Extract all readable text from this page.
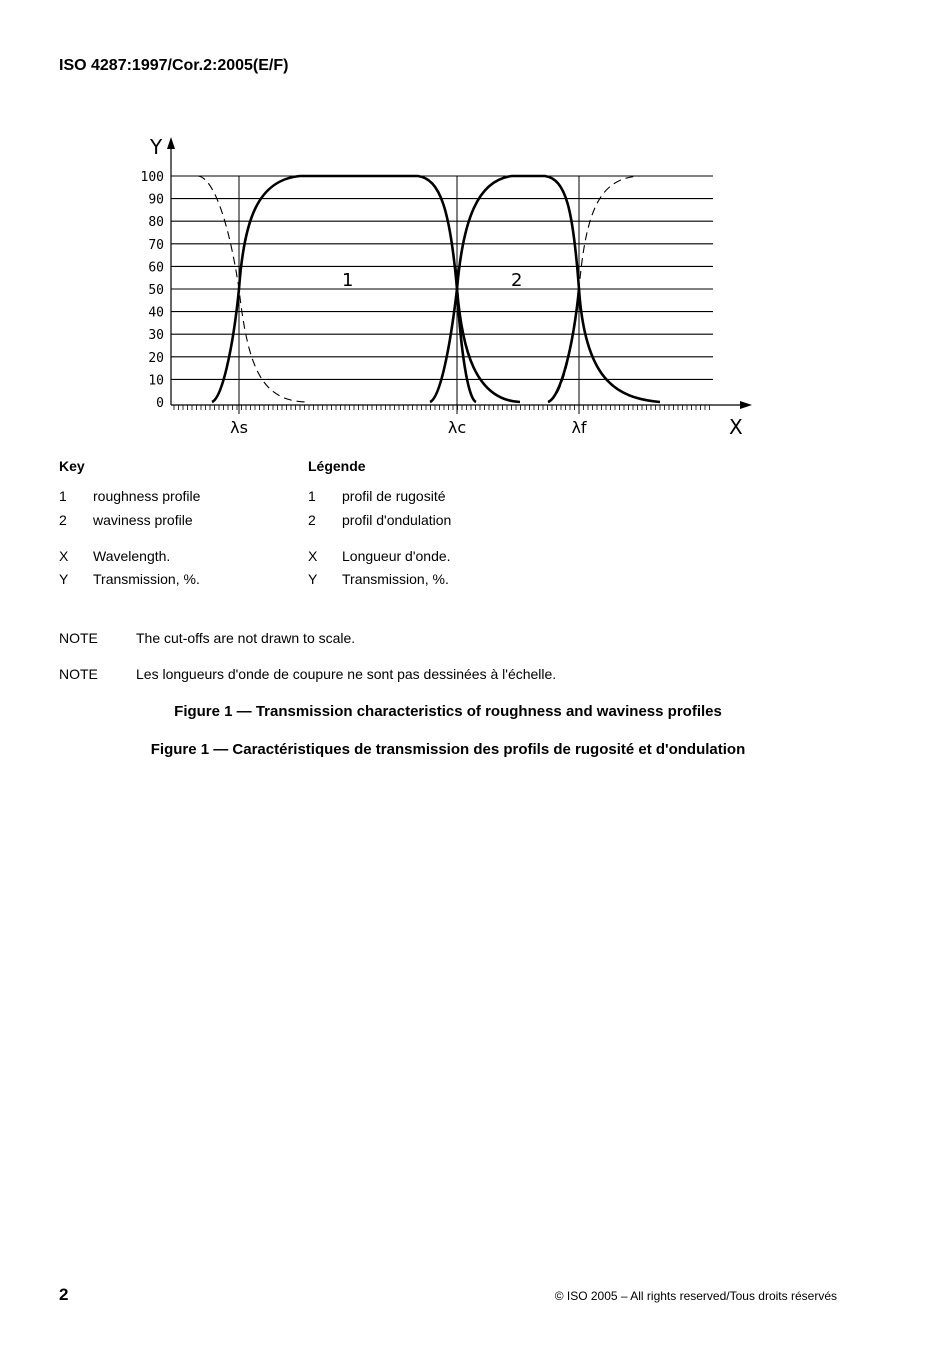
ISO 4287:1997/Cor.2:2005(E/F)
Y
100
90
80
70
60
50
40
30
20
10
0
X
λs	λc	λf
1	2
Key	Légende
1 roughness profile
2 waviness profile
X Wavelength.
Y Transmission, %.
1 profil de rugosité
2 profil d'ondulation
X Longueur d'onde.
Y Transmission, %.
NOTE	The cut-offs are not drawn to scale.
NOTE	Les longueurs d'onde de coupure ne sont pas dessinées à l'échelle.
Figure 1 — Transmission characteristics of roughness and waviness profiles
Figure 1 — Caractéristiques de transmission des profils de rugosité et d'ondulation
2	© ISO 2005 – All rights reserved/Tous droits réservés
